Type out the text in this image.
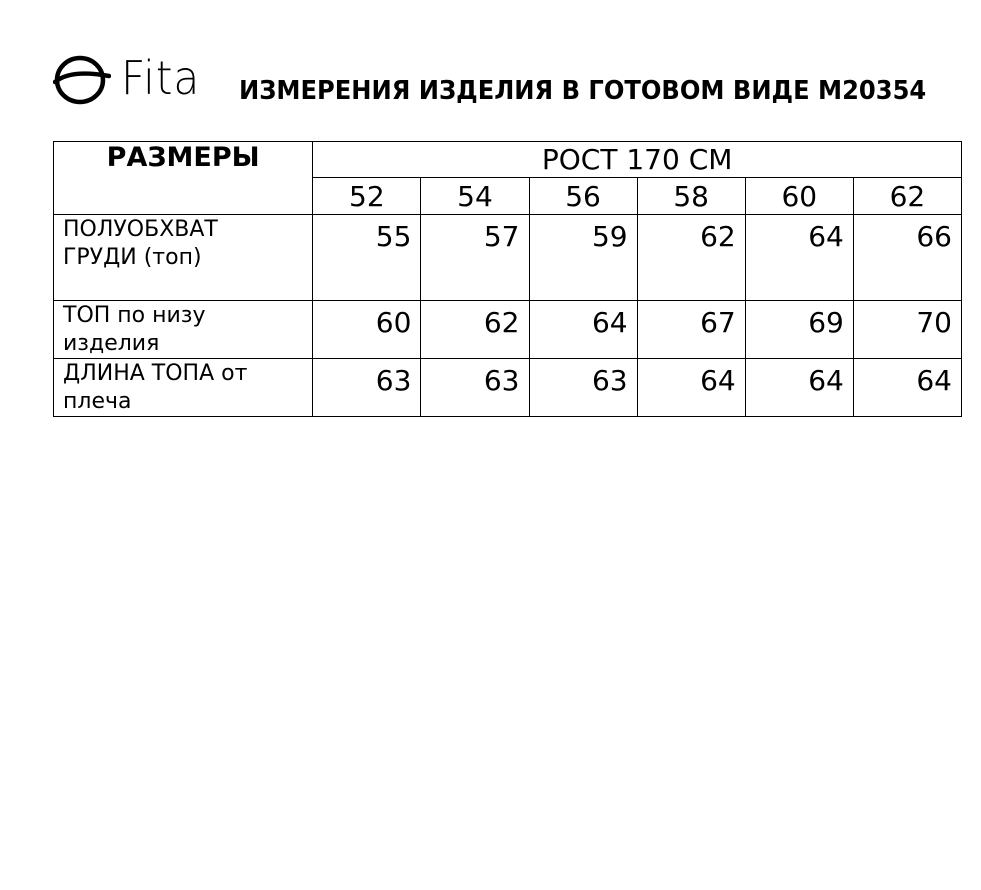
Fita ИЗМЕРЕНИЯ ИЗДЕЛИЯ В ГОТОВОМ ВИДЕ М20354
РАЗМЕРЫ	РОСТ 170 СМ					
	52	54	56	58	60	62

ПОЛУОБХВАТ
ГРУДИ (топ)	55	57	59	62	64	66

ТОП по низу
изделия	60	62	64	67	69	70

ДЛИНА ТОПА от
плеча	63	63	63	64	64	64
